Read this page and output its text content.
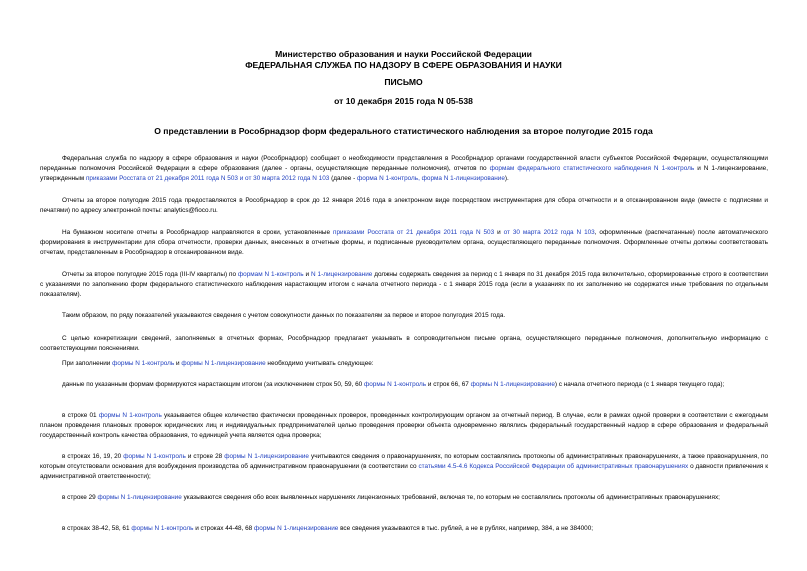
Министерство образования и науки Российской Федерации
ФЕДЕРАЛЬНАЯ СЛУЖБА ПО НАДЗОРУ В СФЕРЕ ОБРАЗОВАНИЯ И НАУКИ
ПИСЬМО
от 10 декабря 2015 года N 05-538
О представлении в Рособрнадзор форм федерального статистического наблюдения за второе полугодие 2015 года

Федеральная служба по надзору в сфере образования и науки (Рособрнадзор) сообщает о необходимости представления в Рособрнадзор органами государственной власти субъектов Российской Федерации, осуществляющими переданные полномочия Российской Федерации в сфере образования (далее - органы, осуществляющие переданные полномочия), отчетов по формам федерального статистического наблюдения N 1-контроль и N 1-лицензирование, утвержденным приказами Росстата от 21 декабря 2011 года N 503 и от 30 марта 2012 года N 103 (далее - форма N 1-контроль, форма N 1-лицензирование).

Отчеты за второе полугодие 2015 года предоставляются в Рособрнадзор в срок до 12 января 2016 года в электронном виде посредством инструментария для сбора отчетности и в отсканированном виде (вместе с подписями и печатями) по адресу электронной почты: analytics@fioco.ru.

На бумажном носителе отчеты в Рособрнадзор направляются в сроки, установленные приказами Росстата от 21 декабря 2011 года N 503 и от 30 марта 2012 года N 103, оформленные (распечатанные) после автоматического формирования в инструментарии для сбора отчетности, проверки данных, внесенных в отчетные формы, и подписанные руководителем органа, осуществляющего переданные полномочия. Оформленные отчеты должны соответствовать отчетам, представленным в Рособрнадзор в отсканированном виде.

Отчеты за второе полугодие 2015 года (III-IV кварталы) по формам N 1-контроль и N 1-лицензирование должны содержать сведения за период с 1 января по 31 декабря 2015 года включительно, сформированные строго в соответствии с указаниями по заполнению форм федерального статистического наблюдения нарастающим итогом с начала отчетного периода - с 1 января 2015 года (если в указаниях по их заполнению не содержатся иные требования по отдельным показателям).

Таким образом, по ряду показателей указываются сведения с учетом совокупности данных по показателям за первое и второе полугодия 2015 года.

С целью конкретизации сведений, заполняемых в отчетных формах, Рособрнадзор предлагает указывать в сопроводительном письме органа, осуществляющего переданные полномочия, дополнительную информацию с соответствующими пояснениями.

При заполнении формы N 1-контроль и формы N 1-лицензирование необходимо учитывать следующее:

данные по указанным формам формируются нарастающим итогом (за исключением строк 50, 59, 60 формы N 1-контроль и строк 66, 67 формы N 1-лицензирование) с начала отчетного периода (с 1 января текущего года);

в строке 01 формы N 1-контроль указывается общее количество фактически проведенных проверок, проведенных контролирующим органом за отчетный период. В случае, если в рамках одной проверки в соответствии с ежегодным планом проведения плановых проверок юридических лиц и индивидуальных предпринимателей целью проведения проверки объекта одновременно являлись федеральный государственный надзор в сфере образования и федеральный государственный контроль качества образования, то единицей учета является одна проверка;

в строках 16, 19, 20 формы N 1-контроль и строке 28 формы N 1-лицензирование учитываются сведения о правонарушениях, по которым составлялись протоколы об административных правонарушениях, а также правонарушения, по которым отсутствовали основания для возбуждения производства об административном правонарушении (в соответствии со статьями 4.5-4.6 Кодекса Российской Федерации об административных правонарушениях о давности привлечения к административной ответственности);

в строке 29 формы N 1-лицензирование указываются сведения обо всех выявленных нарушениях лицензионных требований, включая те, по которым не составлялись протоколы об административных правонарушениях;

в строках 38-42, 58, 61 формы N 1-контроль и строках 44-48, 68 формы N 1-лицензирование все сведения указываются в тыс. рублей, а не в рублях, например, 384, а не 384000;
